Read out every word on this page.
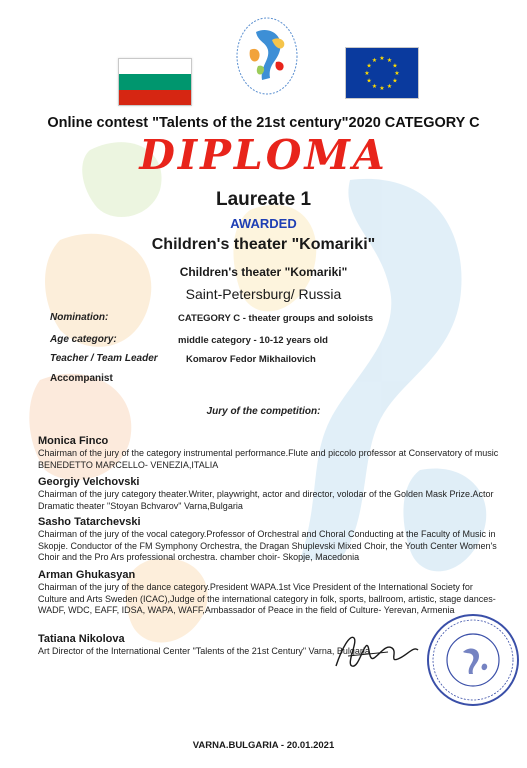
★ ★
★
★
★
★
★
★
★
★
★
★
Online contest "Talents of the 21st century"2020 CATEGORY C
DIPLOMA
Laureate 1
AWARDED
Children's theater "Komariki"
Children's theater "Komariki"
Saint-Petersburg/ Russia
Nomination:	CATEGORY C - theater groups and soloists
Age category:	middle category - 10-12 years old
Teacher / Team Leader	Komarov Fedor Mikhailovich
Accompanist
Jury of the competition:
Monica Finco
Chairman of the jury of the category instrumental performance.Flute and piccolo professor at Conservatory of music BENEDETTO MARCELLO- VENEZIA,ITALIA
Georgiy Velchovski
Chairman of the jury category theater.Writer, playwright, actor and director, volodar of the Golden Mask Prize.Actor Dramatic theater "Stoyan Bchvarov" Varna,Bulgaria
Sasho Tatarchevski
Chairman of the jury of the vocal category.Professor of Orchestral and Choral Conducting at the Faculty of Music in Skopje. Conductor of the FM Symphony Orchestra, the Dragan Shuplevski Mixed Choir, the Youth Center Women's Choir and the Pro Ars professional orchestra. chamber choir- Skopje, Macedonia
Arman Ghukasyan
Chairman of the jury of the dance category.President WAPA.1st Vice President of the International Society for Culture and Arts Sweden (ICAC),Judge of the international category in folk, sports, ballroom, artistic, stage dances-WADF, WDC, EAFF, IDSA, WAPA, WAFF,Ambassador of Peace in the field of Culture- Yerevan, Armenia
Tatiana Nikolova
Art Director of the International Center "Talents of the 21st Century" Varna, Bulgaria
VARNA.BULGARIA - 20.01.2021
